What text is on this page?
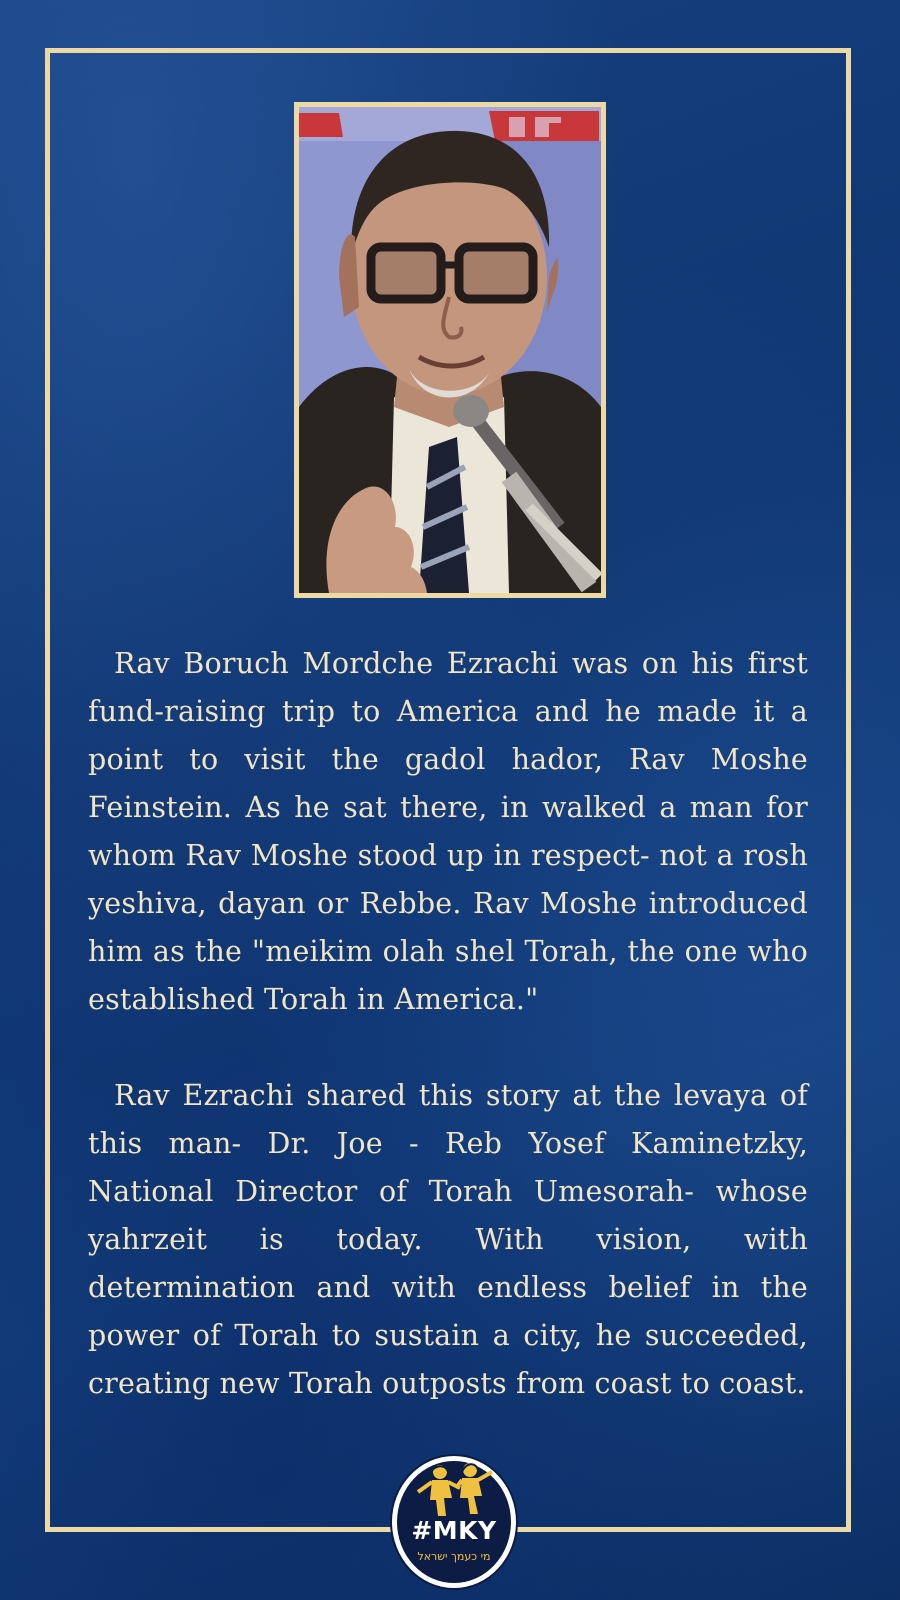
Rav Boruch Mordche Ezrachi was on his first fund-raising trip to America and he made it a point to visit the gadol hador, Rav Moshe Feinstein. As he sat there, in walked a man for whom Rav Moshe stood up in respect- not a rosh yeshiva, dayan or Rebbe. Rav Moshe introduced him as the "meikim olah shel Torah, the one who established Torah in America."

Rav Ezrachi shared this story at the levaya of this man- Dr. Joe - Reb Yosef Kaminetzky, National Director of Torah Umesorah- whose yahrzeit is today. With vision, with determination and with endless belief in the power of Torah to sustain a city, he succeeded, creating new Torah outposts from coast to coast.

#MKY
מי כעמך ישראל
